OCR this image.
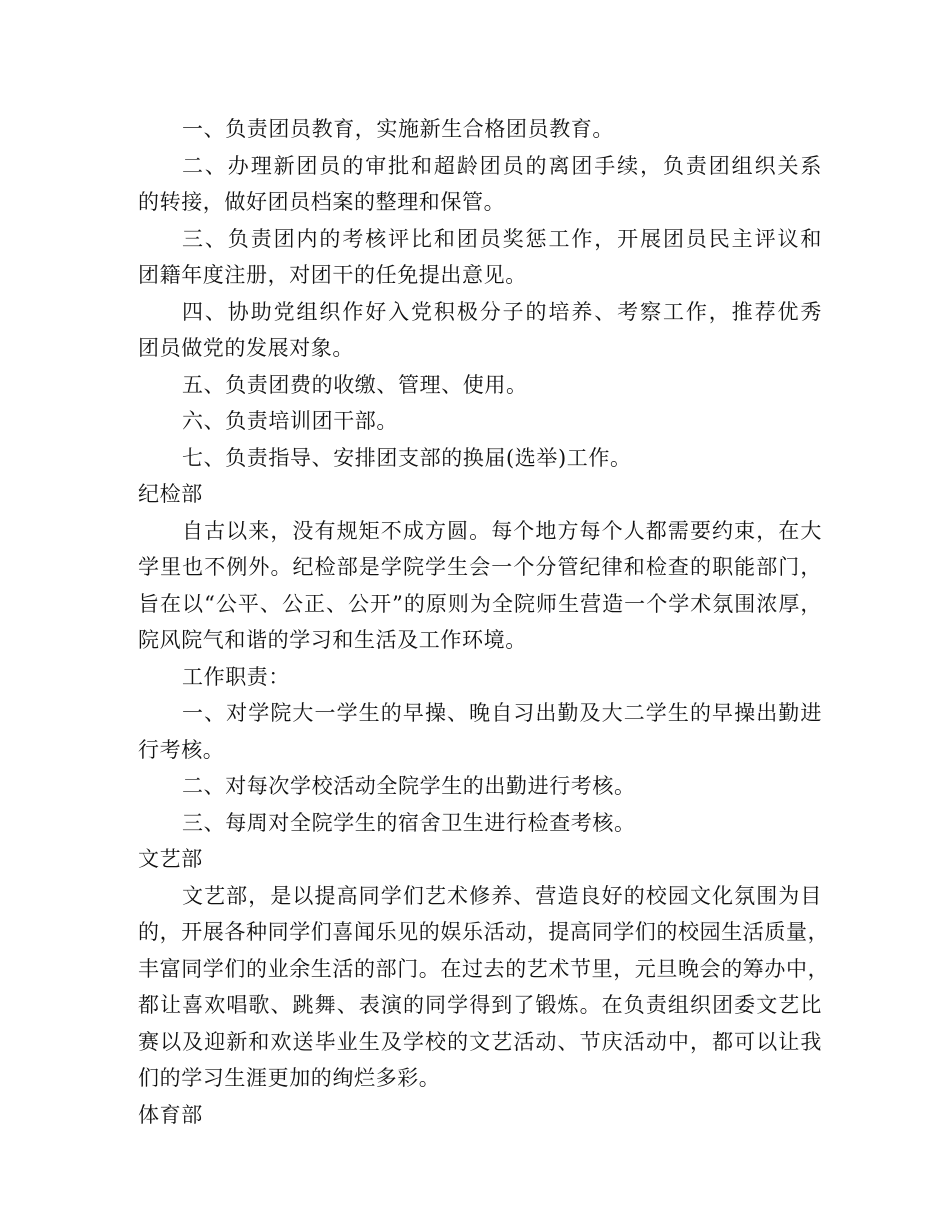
一、负责团员教育，实施新生合格团员教育。
二、办理新团员的审批和超龄团员的离团手续，负责团组织关系
的转接，做好团员档案的整理和保管。
三、负责团内的考核评比和团员奖惩工作，开展团员民主评议和
团籍年度注册，对团干的任免提出意见。
四、协助党组织作好入党积极分子的培养、考察工作，推荐优秀
团员做党的发展对象。
五、负责团费的收缴、管理、使用。
六、负责培训团干部。
七、负责指导、安排团支部的换届(选举)工作。
纪检部
自古以来，没有规矩不成方圆。每个地方每个人都需要约束，在大
学里也不例外。纪检部是学院学生会一个分管纪律和检查的职能部门，
旨在以“公平、公正、公开”的原则为全院师生营造一个学术氛围浓厚，
院风院气和谐的学习和生活及工作环境。
工作职责：
一、对学院大一学生的早操、晚自习出勤及大二学生的早操出勤进
行考核。
二、对每次学校活动全院学生的出勤进行考核。
三、每周对全院学生的宿舍卫生进行检查考核。
文艺部
文艺部，是以提高同学们艺术修养、营造良好的校园文化氛围为目
的，开展各种同学们喜闻乐见的娱乐活动，提高同学们的校园生活质量，
丰富同学们的业余生活的部门。在过去的艺术节里，元旦晚会的筹办中，
都让喜欢唱歌、跳舞、表演的同学得到了锻炼。在负责组织团委文艺比
赛以及迎新和欢送毕业生及学校的文艺活动、节庆活动中，都可以让我
们的学习生涯更加的绚烂多彩。
体育部
